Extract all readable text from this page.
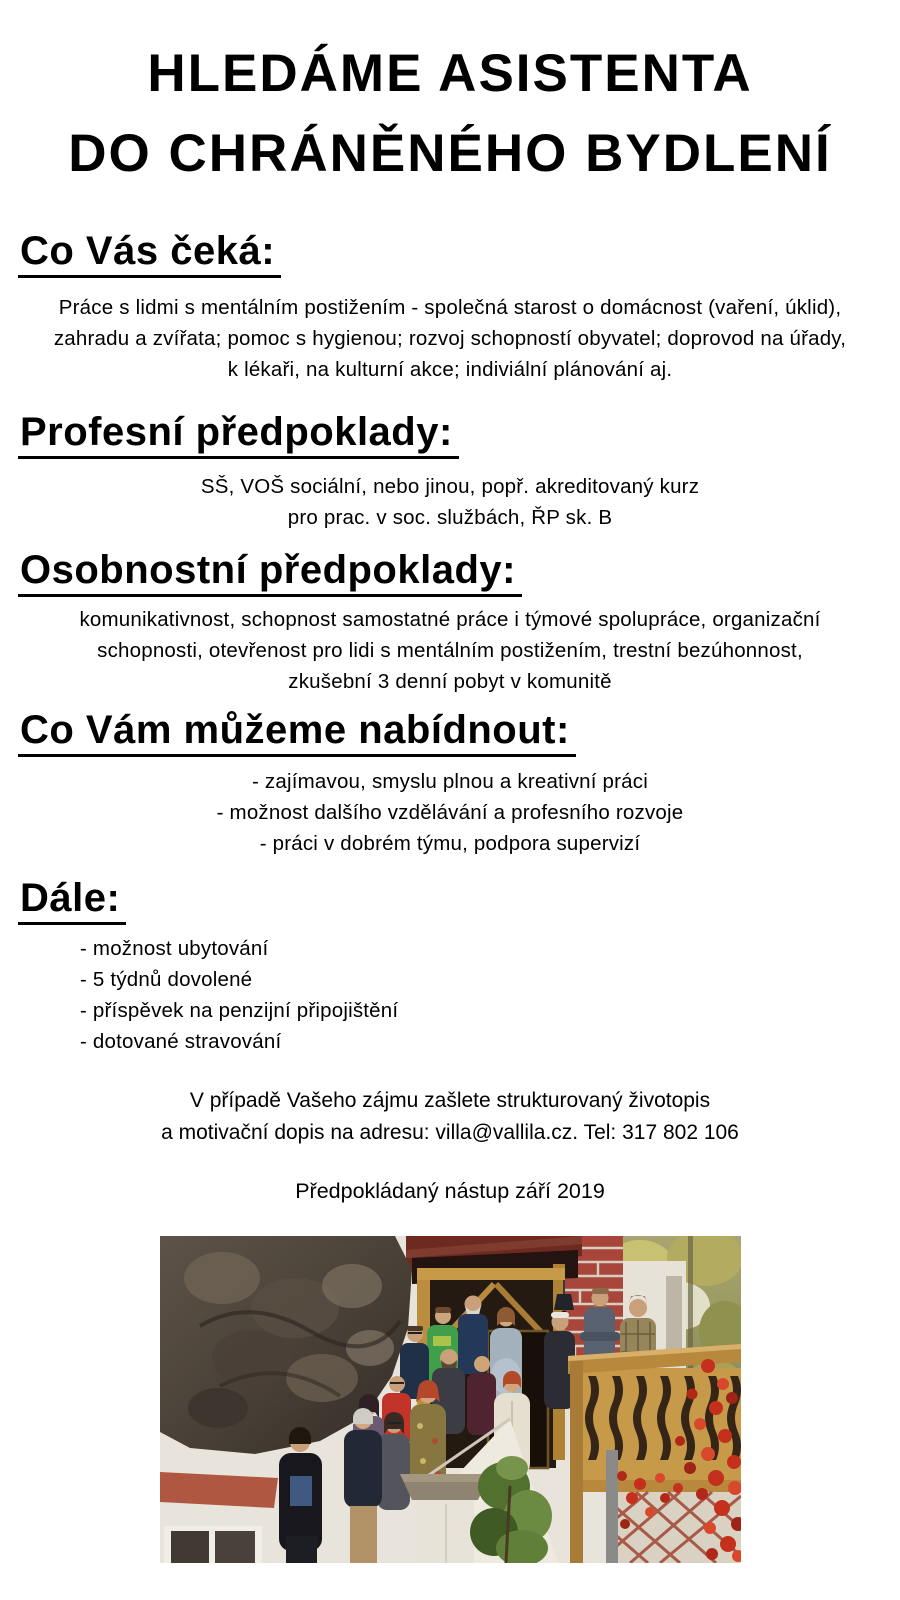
HLEDÁME ASISTENTA
DO CHRÁNĚNÉHO BYDLENÍ
Co Vás čeká:
Práce s lidmi s mentálním postižením - společná starost o domácnost (vaření, úklid),
zahradu a zvířata; pomoc s hygienou; rozvoj schopností obyvatel; doprovod na úřady,
k lékaři, na kulturní akce; indiviální plánování aj.
Profesní předpoklady:
SŠ, VOŠ sociální, nebo jinou, popř. akreditovaný kurz
pro prac. v soc. službách, ŘP sk. B
Osobnostní předpoklady:
komunikativnost, schopnost samostatné práce i týmové spolupráce, organizační
schopnosti, otevřenost pro lidi s mentálním postižením, trestní bezúhonnost,
zkušební 3 denní pobyt v komunitě
Co Vám můžeme nabídnout:
- zajímavou, smyslu plnou a kreativní práci
- možnost dalšího vzdělávání a profesního rozvoje
- práci v dobrém týmu, podpora supervizí
Dále:
- možnost ubytování
- 5 týdnů dovolené
- příspěvek na penzijní připojištění
- dotované stravování
V případě Vašeho zájmu zašlete strukturovaný životopis
a motivační dopis na adresu: villa@vallila.cz. Tel: 317 802 106
Předpokládaný nástup září 2019
